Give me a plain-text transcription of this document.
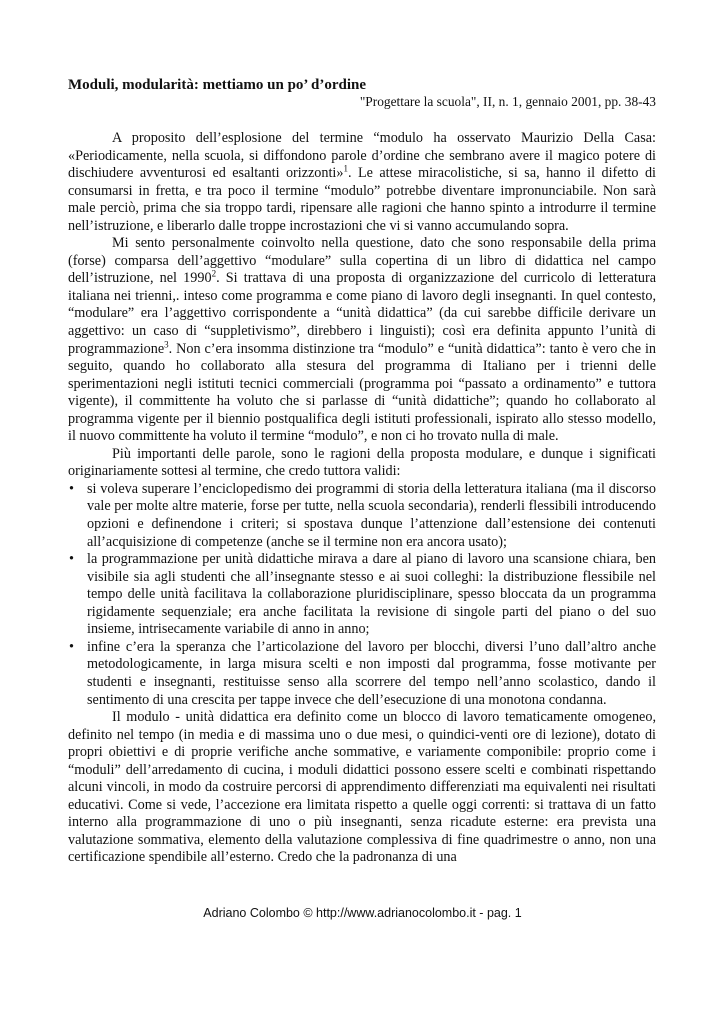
Moduli, modularità: mettiamo un po’ d’ordine

"Progettare la scuola", II, n. 1, gennaio 2001, pp. 38-43

A proposito dell’esplosione del termine “modulo ha osservato Maurizio Della Casa: «Periodicamente, nella scuola, si diffondono parole d’ordine che sembrano avere il magico potere di dischiudere avventurosi ed esaltanti orizzonti»$^1$. Le attese miracolistiche, si sa, hanno il difetto di consumarsi in fretta, e tra poco il termine “modulo” potrebbe diventare impronunciabile. Non sarà male perciò, prima che sia troppo tardi, ripensare alle ragioni che hanno spinto a introdurre il termine nell’istruzione, e liberarlo dalle troppe incrostazioni che vi si vanno accumulando sopra.

Mi sento personalmente coinvolto nella questione, dato che sono responsabile della prima (forse) comparsa dell’aggettivo “modulare” sulla copertina di un libro di didattica nel campo dell’istruzione, nel 1990$^2$. Si trattava di una proposta di organizzazione del curricolo di letteratura italiana nei trienni,. inteso come programma e come piano di lavoro degli insegnanti. In quel contesto, “modulare” era l’aggettivo corrispondente a “unità didattica” (da cui sarebbe difficile derivare un aggettivo: un caso di “suppletivismo”, direbbero i linguisti); così era definita appunto l’unità di programmazione$^3$. Non c’era insomma distinzione tra “modulo” e “unità didattica”: tanto è vero che in seguito, quando ho collaborato alla stesura del programma di Italiano per i trienni delle sperimentazioni negli istituti tecnici commerciali (programma poi “passato a ordinamento” e tuttora vigente), il committente ha voluto che si parlasse di “unità didattiche”; quando ho collaborato al programma vigente per il biennio postqualifica degli istituti professionali, ispirato allo stesso modello, il nuovo committente ha voluto il termine “modulo”, e non ci ho trovato nulla di male.

Più importanti delle parole, sono le ragioni della proposta modulare, e dunque i significati originariamente sottesi al termine, che credo tuttora validi:

• si voleva superare l’enciclopedismo dei programmi di storia della letteratura italiana (ma il discorso vale per molte altre materie, forse per tutte, nella scuola secondaria), renderli flessibili introducendo opzioni e definendone i criteri; si spostava dunque l’attenzione dall’estensione dei contenuti all’acquisizione di competenze (anche se il termine non era ancora usato);
• la programmazione per unità didattiche mirava a dare al piano di lavoro una scansione chiara, ben visibile sia agli studenti che all’insegnante stesso e ai suoi colleghi: la distribuzione flessibile nel tempo delle unità facilitava la collaborazione pluridisciplinare, spesso bloccata da un programma rigidamente sequenziale; era anche facilitata la revisione di singole parti del piano o del suo insieme, intrisecamente variabile di anno in anno;
• infine c’era la speranza che l’articolazione del lavoro per blocchi, diversi l’uno dall’altro anche metodologicamente, in larga misura scelti e non imposti dal programma, fosse motivante per studenti e insegnanti, restituisse senso alla scorrere del tempo nell’anno scolastico, dando il sentimento di una crescita per tappe invece che dell’esecuzione di una monotona condanna.

Il modulo - unità didattica era definito come un blocco di lavoro tematicamente omogeneo, definito nel tempo (in media e di massima uno o due mesi, o quindici-venti ore di lezione), dotato di propri obiettivi e di proprie verifiche anche sommative, e variamente componibile: proprio come i “moduli” dell’arredamento di cucina, i moduli didattici possono essere scelti e combinati rispettando alcuni vincoli, in modo da costruire percorsi di apprendimento differenziati ma equivalenti nei risultati educativi. Come si vede, l’accezione era limitata rispetto a quelle oggi correnti: si trattava di un fatto interno alla programmazione di uno o più insegnanti, senza ricadute esterne: era prevista una valutazione sommativa, elemento della valutazione complessiva di fine quadrimestre o anno, non una certificazione spendibile all’esterno. Credo che la padronanza di una

Adriano Colombo © http://www.adrianocolombo.it - pag. 1
